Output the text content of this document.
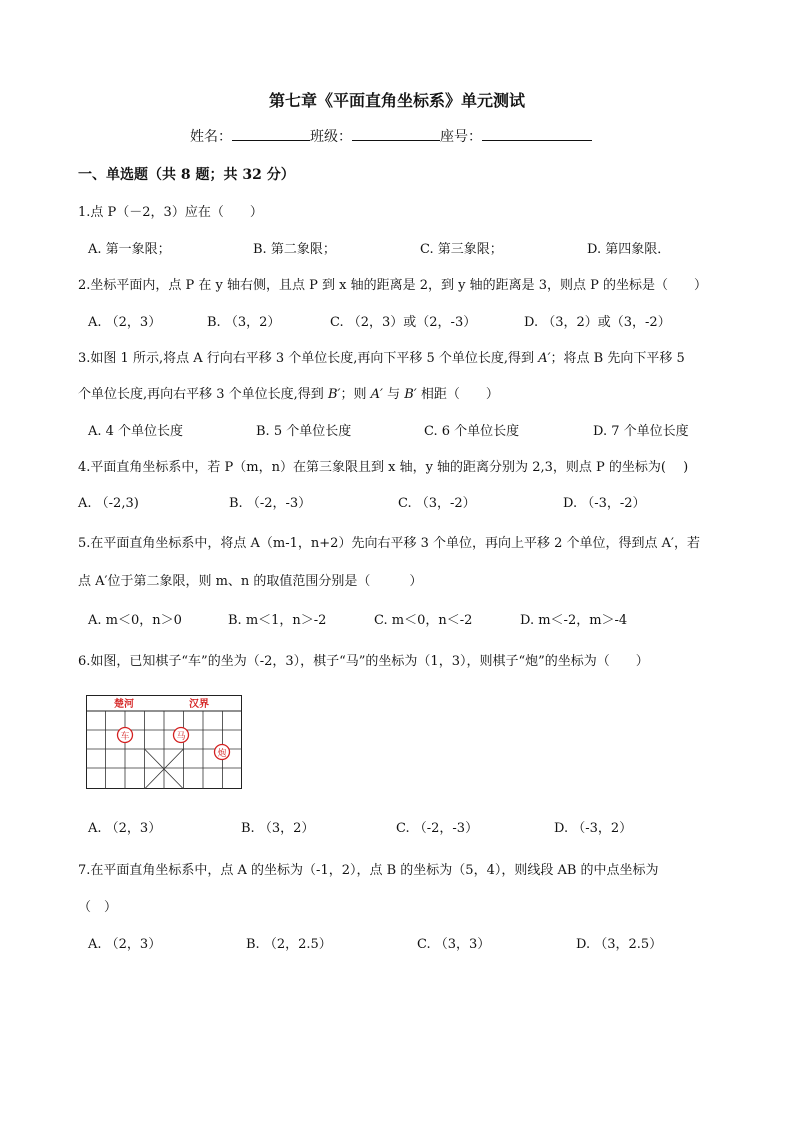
第七章《平面直角坐标系》单元测试
姓名：	班级：	座号：
一、单选题（共 8 题；共 32 分）
1.点 P（－2，3）应在（　　）
A. 第一象限；	B. 第二象限；	C. 第三象限；	D. 第四象限．
2.坐标平面内，点 P 在 y 轴右侧，且点 P 到 x 轴的距离是 2，到 y 轴的距离是 3，则点 P 的坐标是（　　）
A. （2，3）	B. （3，2）	C. （2，3）或（2，-3）	D. （3，2）或（3，-2）
3.如图 1 所示,将点 A 行向右平移 3 个单位长度,再向下平移 5 个单位长度,得到 A′；将点 B 先向下平移 5
个单位长度,再向右平移 3 个单位长度,得到 B′；则 A′ 与 B′ 相距（　　）
A. 4 个单位长度	B. 5 个单位长度	C. 6 个单位长度	D. 7 个单位长度
4.平面直角坐标系中，若 P（m，n）在第三象限且到 x 轴，y 轴的距离分别为 2,3，则点 P 的坐标为(　 )
A. （-2,3)	B. （-2，-3）	C. （3，-2）	D. （-3，-2）
5.在平面直角坐标系中，将点 A（m-1，n+2）先向右平移 3 个单位，再向上平移 2 个单位，得到点 A′，若
点 A′位于第二象限，则 m、n 的取值范围分别是（　　　）
A. m＜0，n＞0	B. m＜1，n＞-2	C. m＜0，n＜-2	D. m＜-2，m＞-4
6.如图，已知棋子“车”的坐为（-2，3），棋子“马”的坐标为（1，3），则棋子“炮”的坐标为（　　）
楚河	汉界
车	马
炮
A. （2，3）	B. （3，2）	C. （-2，-3）	D. （-3，2）
7.在平面直角坐标系中，点 A 的坐标为（-1，2），点 B 的坐标为（5，4），则线段 AB 的中点坐标为
（　）
A. （2，3）	B. （2，2.5）	C. （3，3）	D. （3，2.5）
